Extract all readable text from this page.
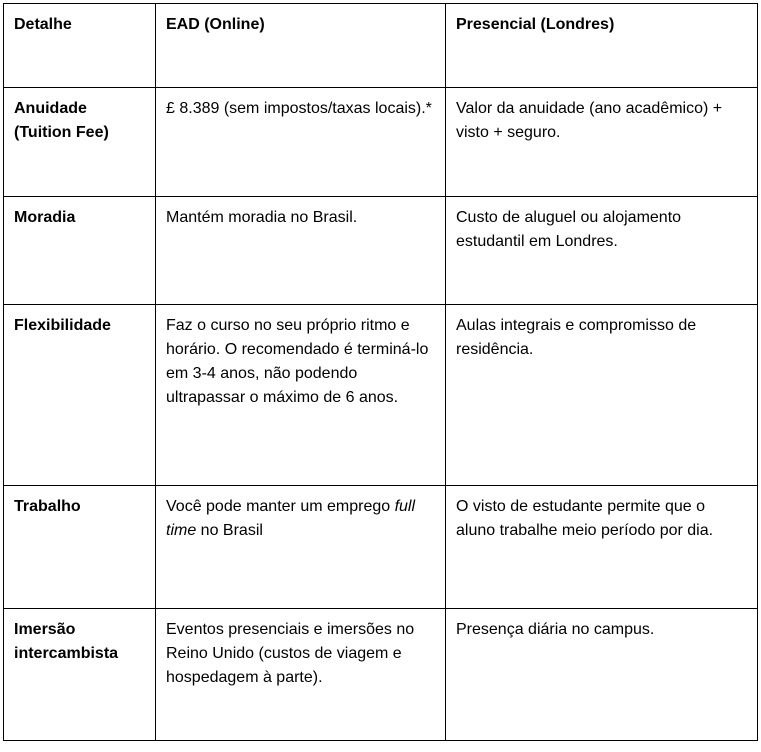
Detalhe	EAD (Online)	Presencial (Londres)
Anuidade (Tuition Fee)	£ 8.389 (sem impostos/taxas locais).*	Valor da anuidade (ano acadêmico) + visto + seguro.
Moradia	Mantém moradia no Brasil.	Custo de aluguel ou alojamento estudantil em Londres.
Flexibilidade	Faz o curso no seu próprio ritmo e horário. O recomendado é terminá-lo em 3-4 anos, não podendo ultrapassar o máximo de 6 anos.	Aulas integrais e compromisso de residência.
Trabalho	Você pode manter um emprego full time no Brasil	O visto de estudante permite que o aluno trabalhe meio período por dia.
Imersão intercambista	Eventos presenciais e imersões no Reino Unido (custos de viagem e hospedagem à parte).	Presença diária no campus.
